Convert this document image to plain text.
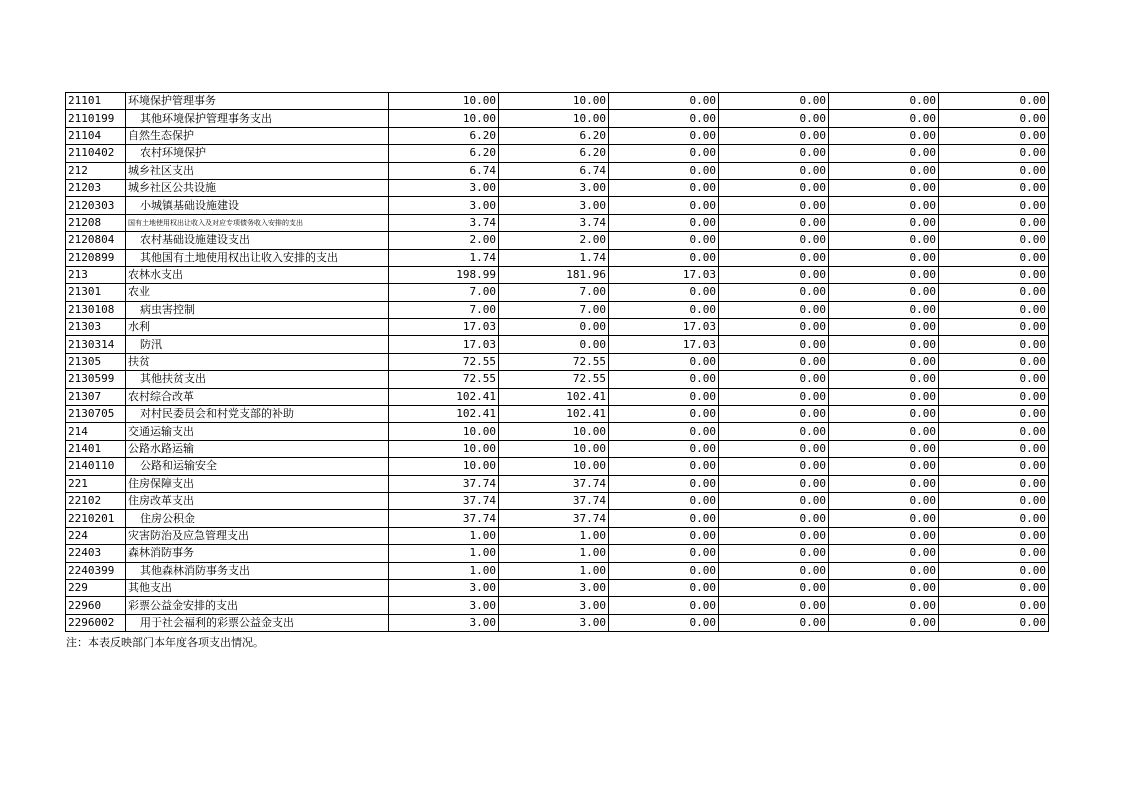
21101	环境保护管理事务	10.00	10.00	0.00	0.00	0.00	0.00
2110199	其他环境保护管理事务支出	10.00	10.00	0.00	0.00	0.00	0.00
21104	自然生态保护	6.20	6.20	0.00	0.00	0.00	0.00
2110402	农村环境保护	6.20	6.20	0.00	0.00	0.00	0.00
212	城乡社区支出	6.74	6.74	0.00	0.00	0.00	0.00
21203	城乡社区公共设施	3.00	3.00	0.00	0.00	0.00	0.00
2120303	小城镇基础设施建设	3.00	3.00	0.00	0.00	0.00	0.00
21208	国有土地使用权出让收入及对应专项债务收入安排的支出	3.74	3.74	0.00	0.00	0.00	0.00
2120804	农村基础设施建设支出	2.00	2.00	0.00	0.00	0.00	0.00
2120899	其他国有土地使用权出让收入安排的支出	1.74	1.74	0.00	0.00	0.00	0.00
213	农林水支出	198.99	181.96	17.03	0.00	0.00	0.00
21301	农业	7.00	7.00	0.00	0.00	0.00	0.00
2130108	病虫害控制	7.00	7.00	0.00	0.00	0.00	0.00
21303	水利	17.03	0.00	17.03	0.00	0.00	0.00
2130314	防汛	17.03	0.00	17.03	0.00	0.00	0.00
21305	扶贫	72.55	72.55	0.00	0.00	0.00	0.00
2130599	其他扶贫支出	72.55	72.55	0.00	0.00	0.00	0.00
21307	农村综合改革	102.41	102.41	0.00	0.00	0.00	0.00
2130705	对村民委员会和村党支部的补助	102.41	102.41	0.00	0.00	0.00	0.00
214	交通运输支出	10.00	10.00	0.00	0.00	0.00	0.00
21401	公路水路运输	10.00	10.00	0.00	0.00	0.00	0.00
2140110	公路和运输安全	10.00	10.00	0.00	0.00	0.00	0.00
221	住房保障支出	37.74	37.74	0.00	0.00	0.00	0.00
22102	住房改革支出	37.74	37.74	0.00	0.00	0.00	0.00
2210201	住房公积金	37.74	37.74	0.00	0.00	0.00	0.00
224	灾害防治及应急管理支出	1.00	1.00	0.00	0.00	0.00	0.00
22403	森林消防事务	1.00	1.00	0.00	0.00	0.00	0.00
2240399	其他森林消防事务支出	1.00	1.00	0.00	0.00	0.00	0.00
229	其他支出	3.00	3.00	0.00	0.00	0.00	0.00
22960	彩票公益金安排的支出	3.00	3.00	0.00	0.00	0.00	0.00
2296002	用于社会福利的彩票公益金支出	3.00	3.00	0.00	0.00	0.00	0.00
注：本表反映部门本年度各项支出情况。
